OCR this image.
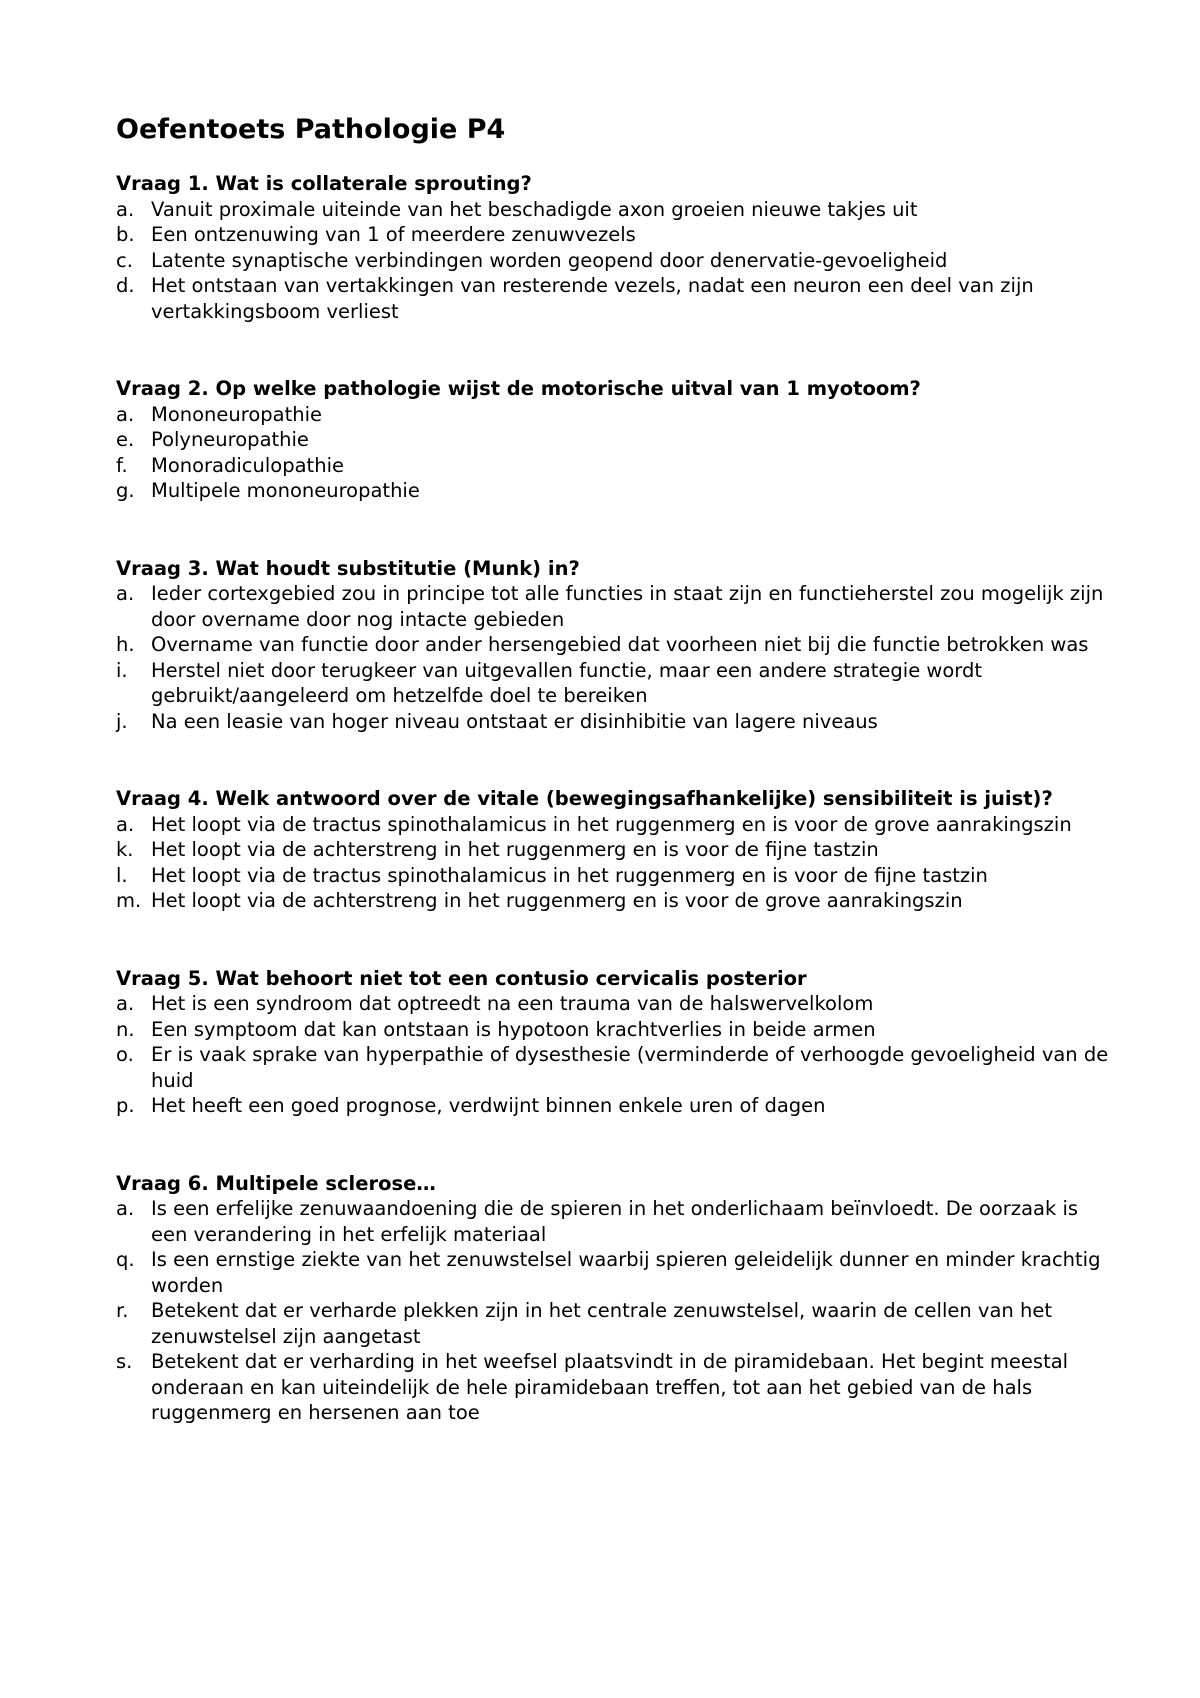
Oefentoets Pathologie P4

Vraag 1. Wat is collaterale sprouting?

a. Vanuit proximale uiteinde van het beschadigde axon groeien nieuwe takjes uit
b. Een ontzenuwing van 1 of meerdere zenuwvezels
c. Latente synaptische verbindingen worden geopend door denervatie-gevoeligheid
d. Het ontstaan van vertakkingen van resterende vezels, nadat een neuron een deel van zijn vertakkingsboom verliest

Vraag 2. Op welke pathologie wijst de motorische uitval van 1 myotoom?

a. Mononeuropathie
e. Polyneuropathie
f.	Monoradiculopathie
g. Multipele mononeuropathie

Vraag 3. Wat houdt substitutie (Munk) in?

a. Ieder cortexgebied zou in principe tot alle functies in staat zijn en functieherstel zou mogelijk zijn door overname door nog intacte gebieden
h. Overname van functie door ander hersengebied dat voorheen niet bij die functie betrokken was
i.	Herstel niet door terugkeer van uitgevallen functie, maar een andere strategie wordt gebruikt/aangeleerd om hetzelfde doel te bereiken
j.	Na een leasie van hoger niveau ontstaat er disinhibitie van lagere niveaus

Vraag 4. Welk antwoord over de vitale (bewegingsafhankelijke) sensibiliteit is juist)?

a. Het loopt via de tractus spinothalamicus in het ruggenmerg en is voor de grove aanrakingszin
k. Het loopt via de achterstreng in het ruggenmerg en is voor de fijne tastzin
l.	Het loopt via de tractus spinothalamicus in het ruggenmerg en is voor de fijne tastzin
m. Het loopt via de achterstreng in het ruggenmerg en is voor de grove aanrakingszin

Vraag 5. Wat behoort niet tot een contusio cervicalis posterior

a. Het is een syndroom dat optreedt na een trauma van de halswervelkolom
n. Een symptoom dat kan ontstaan is hypotoon krachtverlies in beide armen
o. Er is vaak sprake van hyperpathie of dysesthesie (verminderde of verhoogde gevoeligheid van de huid
p. Het heeft een goed prognose, verdwijnt binnen enkele uren of dagen

Vraag 6. Multipele sclerose…

a. Is een erfelijke zenuwaandoening die de spieren in het onderlichaam beïnvloedt. De oorzaak is een verandering in het erfelijk materiaal
q. Is een ernstige ziekte van het zenuwstelsel waarbij spieren geleidelijk dunner en minder krachtig worden
r.	Betekent dat er verharde plekken zijn in het centrale zenuwstelsel, waarin de cellen van het zenuwstelsel zijn aangetast
s. Betekent dat er verharding in het weefsel plaatsvindt in de piramidebaan. Het begint meestal onderaan en kan uiteindelijk de hele piramidebaan treffen, tot aan het gebied van de hals ruggenmerg en hersenen aan toe
